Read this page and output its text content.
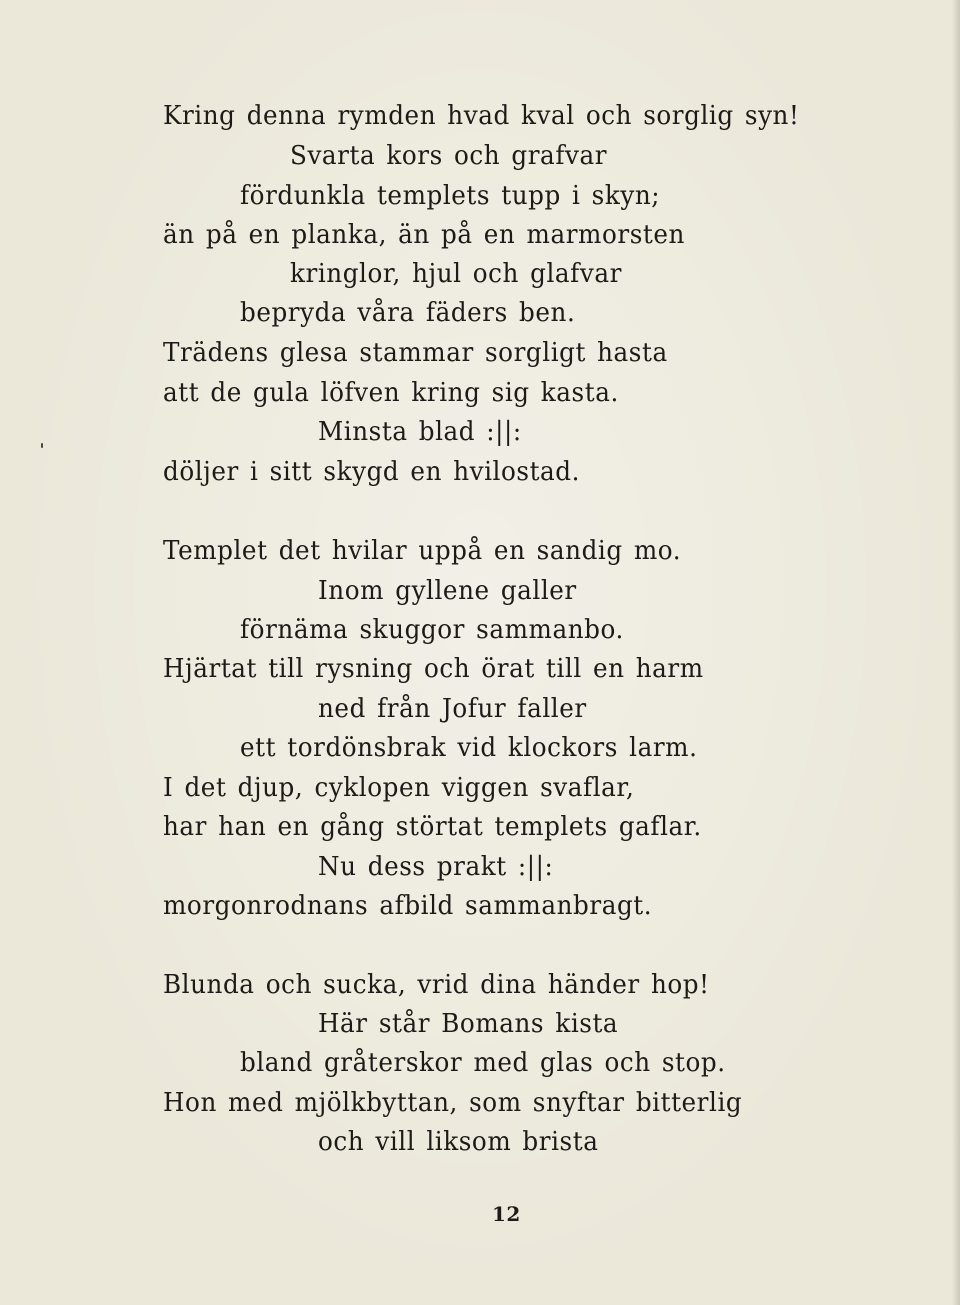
Kring denna rymden hvad kval och sorglig syn!
Svarta kors och grafvar
fördunkla templets tupp i skyn;
än på en planka, än på en marmorsten
kringlor, hjul och glafvar
bepryda våra fäders ben.
Trädens glesa stammar sorgligt hasta
att de gula löfven kring sig kasta.
Minsta blad :||:
döljer i sitt skygd en hvilostad.
Templet det hvilar uppå en sandig mo.
Inom gyllene galler
förnäma skuggor sammanbo.
Hjärtat till rysning och örat till en harm
ned från Jofur faller
ett tordönsbrak vid klockors larm.
I det djup, cyklopen viggen svaflar,
har han en gång störtat templets gaflar.
Nu dess prakt :||:
morgonrodnans afbild sammanbragt.
Blunda och sucka, vrid dina händer hop!
Här står Bomans kista
bland gråterskor med glas och stop.
Hon med mjölkbyttan, som snyftar bitterlig
och vill liksom brista
12
